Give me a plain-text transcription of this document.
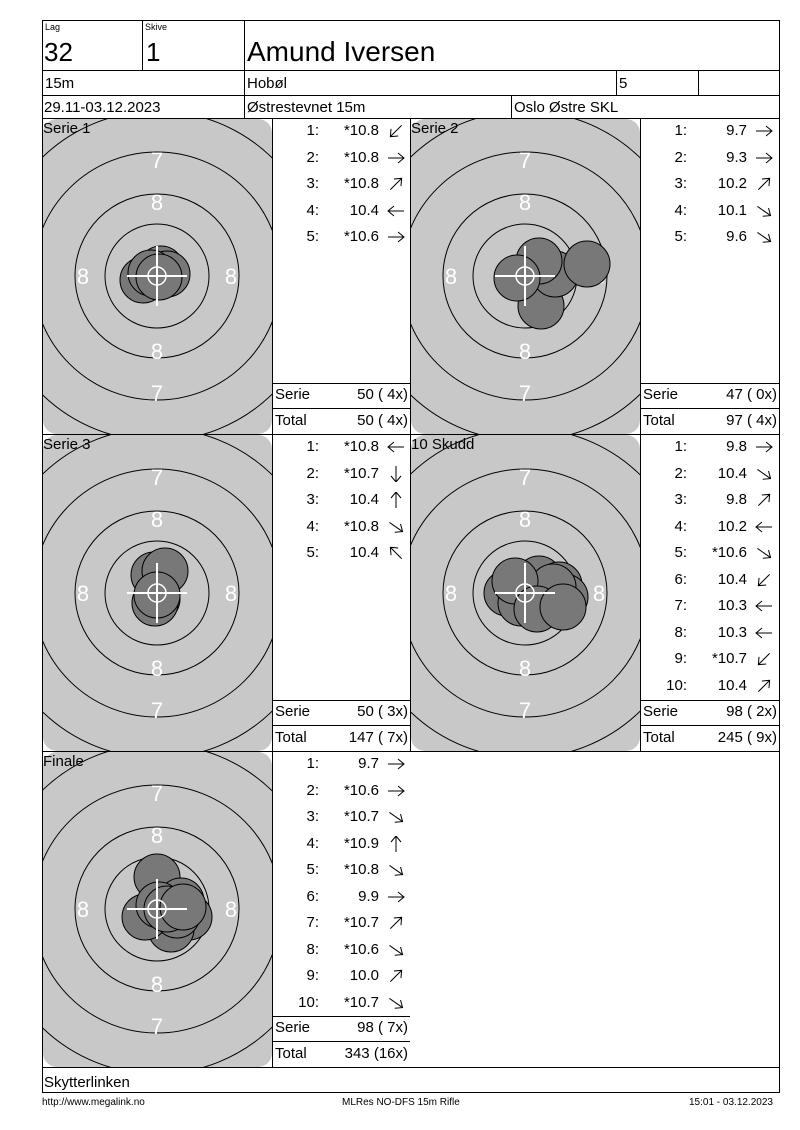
Lag
32
Skive
1	Amund Iversen
15m	Hobøl	5
29.11-03.12.2023	Østrestevnet 15m	Oslo Østre SKL
7
7
8
8
8	8
Serie 1
7
7
8
8
8
Serie 2
7
7
8
8
8	8
Serie 3
7
7
8
8
8	8
10 Skudd
7
7
8
8
8	8
Finale
1:	*10.8
2:	*10.8
3:	*10.8
4:	10.4
5:	*10.6
Serie	50 ( 4x)
Total	50 ( 4x)
1:	9.7
2:	9.3
3:	10.2
4:	10.1
5:	9.6
Serie	47 ( 0x)
Total	97 ( 4x)
1:	*10.8
2:	*10.7
3:	10.4
4:	*10.8
5:	10.4
Serie	50 ( 3x)
Total	147 ( 7x)
1:	9.8
2:	10.4
3:	9.8
4:	10.2
5:	*10.6
6:	10.4
7:	10.3
8:	10.3
9:	*10.7
10:	10.4
Serie	98 ( 2x)
Total	245 ( 9x)
1:	9.7
2:	*10.6
3:	*10.7
4:	*10.9
5:	*10.8
6:	9.9
7:	*10.7
8:	*10.6
9:	10.0
10:	*10.7
Serie	98 ( 7x)
Total	343 (16x)
Skytterlinken
http://www.megalink.no	MLRes NO-DFS 15m Rifle	15:01 - 03.12.2023
